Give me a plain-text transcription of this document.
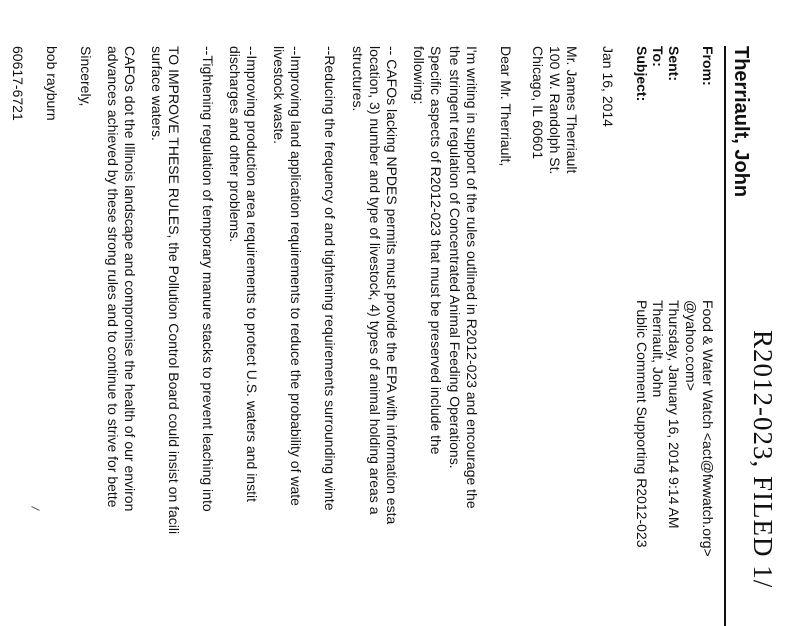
R2012-023, FILED 1/
Therriault, John
From:
Sent:
To:
Subject:
Food & Water Watch <act@fwwatch.org>
@yahoo.com>
Thursday, January 16, 2014 9:14 AM
Therriault, John
Public Comment Supporting R2012-023
Jan 16, 2014
Mr. James Therriault
100 W. Randolph St.
Chicago, IL 60601
Dear Mr. Therriault,
I'm writing in support of the rules outlined in R2012-023 and encourage the
the stringent regulation of Concentrated Animal Feeding Operations.
Specific aspects of R2012-023 that must be preserved include the
following:
-- CAFOs lacking NPDES permits must provide the EPA with information esta
location, 3) number and type of livestock, 4) types of animal holding areas a
structures.
--Reducing the frequency of and tightening requirements surrounding winte
--Improving land application requirements to reduce the probability of wate
livestock waste.
--Improving production area requirements to protect U.S. waters and instit
discharges and other problems.
--Tightening regulation of temporary manure stacks to prevent leaching into
TO IMPROVE THESE RULES, the Pollution Control Board could insist on facili
surface waters.
CAFOs dot the Illinois landscape and compromise the health of our environ
advances achieved by these strong rules and to continue to strive for bette
Sincerely,
bob rayburn
60617-6721
